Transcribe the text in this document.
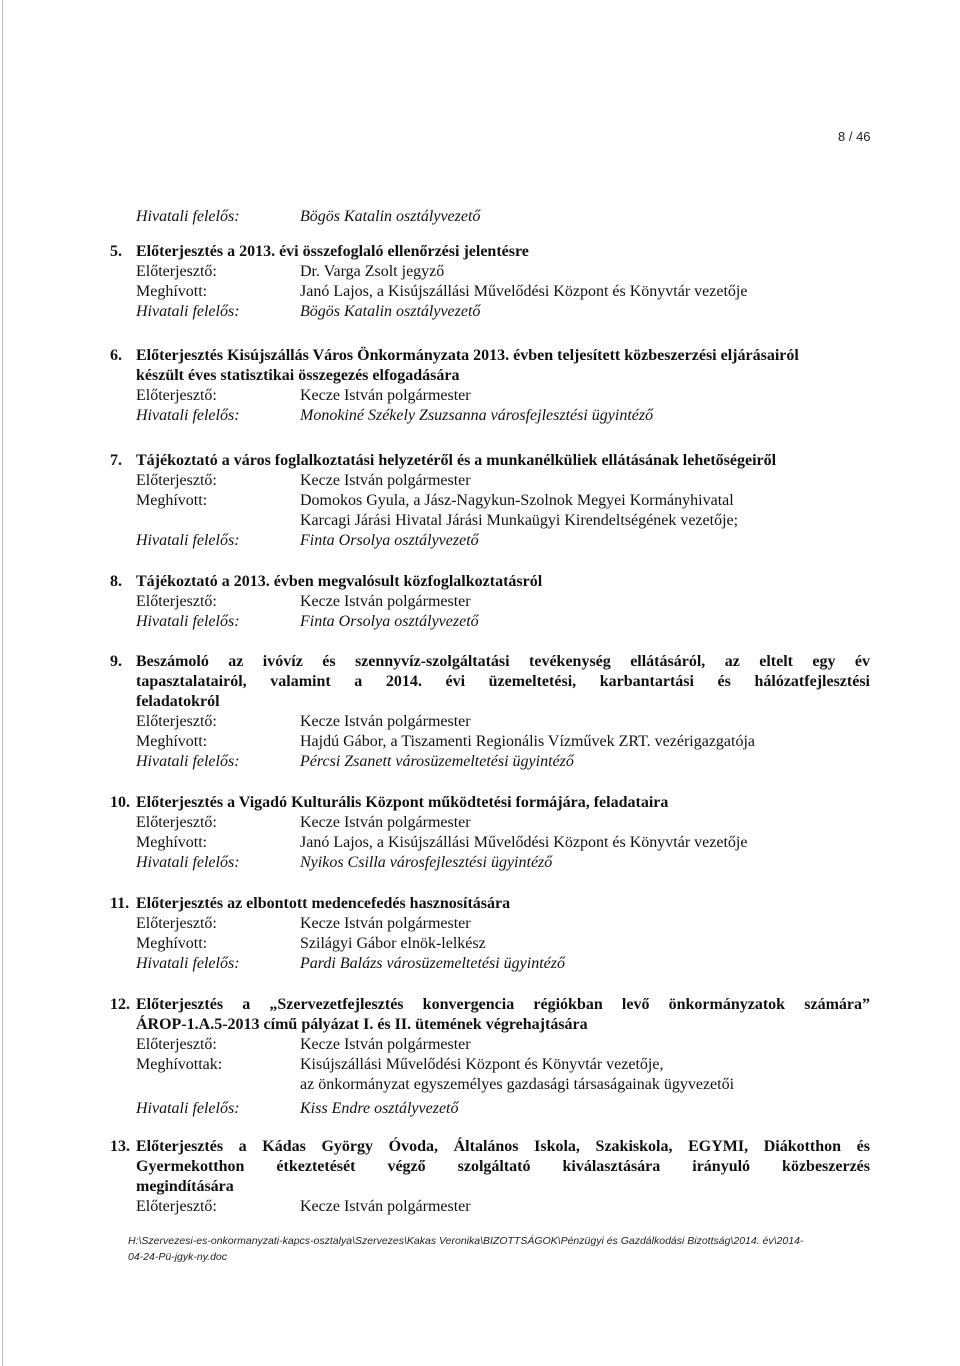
8 / 46
Hivatali felelős:	Bögös Katalin osztályvezető
5. Előterjesztés a 2013. évi összefoglaló ellenőrzési jelentésre
Előterjesztő:	Dr. Varga Zsolt jegyző
Meghívott:	Janó Lajos, a Kisújszállási Művelődési Központ és Könyvtár vezetője
Hivatali felelős:	Bögös Katalin osztályvezető
6. Előterjesztés Kisújszállás Város Önkormányzata 2013. évben teljesített közbeszerzési eljárásairól
készült éves statisztikai összegezés elfogadására
Előterjesztő:	Kecze István polgármester
Hivatali felelős:	Monokiné Székely Zsuzsanna városfejlesztési ügyintéző
7. Tájékoztató a város foglalkoztatási helyzetéről és a munkanélküliek ellátásának lehetőségeiről
Előterjesztő:	Kecze István polgármester
Meghívott:	Domokos Gyula, a Jász-Nagykun-Szolnok Megyei Kormányhivatal
Karcagi Járási Hivatal Járási Munkaügyi Kirendeltségének vezetője;
Hivatali felelős:	Finta Orsolya osztályvezető
8. Tájékoztató a 2013. évben megvalósult közfoglalkoztatásról
Előterjesztő:	Kecze István polgármester
Hivatali felelős:	Finta Orsolya osztályvezető
9. Beszámoló az ivóvíz és szennyvíz-szolgáltatási tevékenység ellátásáról, az eltelt egy év
tapasztalatairól, valamint a 2014. évi üzemeltetési, karbantartási és hálózatfejlesztési
feladatokról
Előterjesztő:	Kecze István polgármester
Meghívott:	Hajdú Gábor, a Tiszamenti Regionális Vízművek ZRT. vezérigazgatója
Hivatali felelős:	Pércsi Zsanett városüzemeltetési ügyintéző
10. Előterjesztés a Vigadó Kulturális Központ működtetési formájára, feladataira
Előterjesztő:	Kecze István polgármester
Meghívott:	Janó Lajos, a Kisújszállási Művelődési Központ és Könyvtár vezetője
Hivatali felelős:	Nyikos Csilla városfejlesztési ügyintéző
11. Előterjesztés az elbontott medencefedés hasznosítására
Előterjesztő:	Kecze István polgármester
Meghívott:	Szilágyi Gábor elnök-lelkész
Hivatali felelős:	Pardi Balázs városüzemeltetési ügyintéző
12. Előterjesztés a „Szervezetfejlesztés konvergencia régiókban levő önkormányzatok számára”
ÁROP-1.A.5-2013 című pályázat I. és II. ütemének végrehajtására
Előterjesztő:	Kecze István polgármester
Meghívottak:	Kisújszállási Művelődési Központ és Könyvtár vezetője,
az önkormányzat egyszemélyes gazdasági társaságainak ügyvezetői
Hivatali felelős:	Kiss Endre osztályvezető
13. Előterjesztés a Kádas György Óvoda, Általános Iskola, Szakiskola, EGYMI, Diákotthon és
Gyermekotthon étkeztetését végző szolgáltató kiválasztására irányuló közbeszerzés
megindítására
Előterjesztő:	Kecze István polgármester
H:\Szervezesi-es-onkormanyzati-kapcs-osztalya\Szervezes\Kakas Veronika\BIZOTTSÁGOK\Pénzügyi és Gazdálkodási Bizottság\2014. év\2014-
04-24-Pü-jgyk-ny.doc
